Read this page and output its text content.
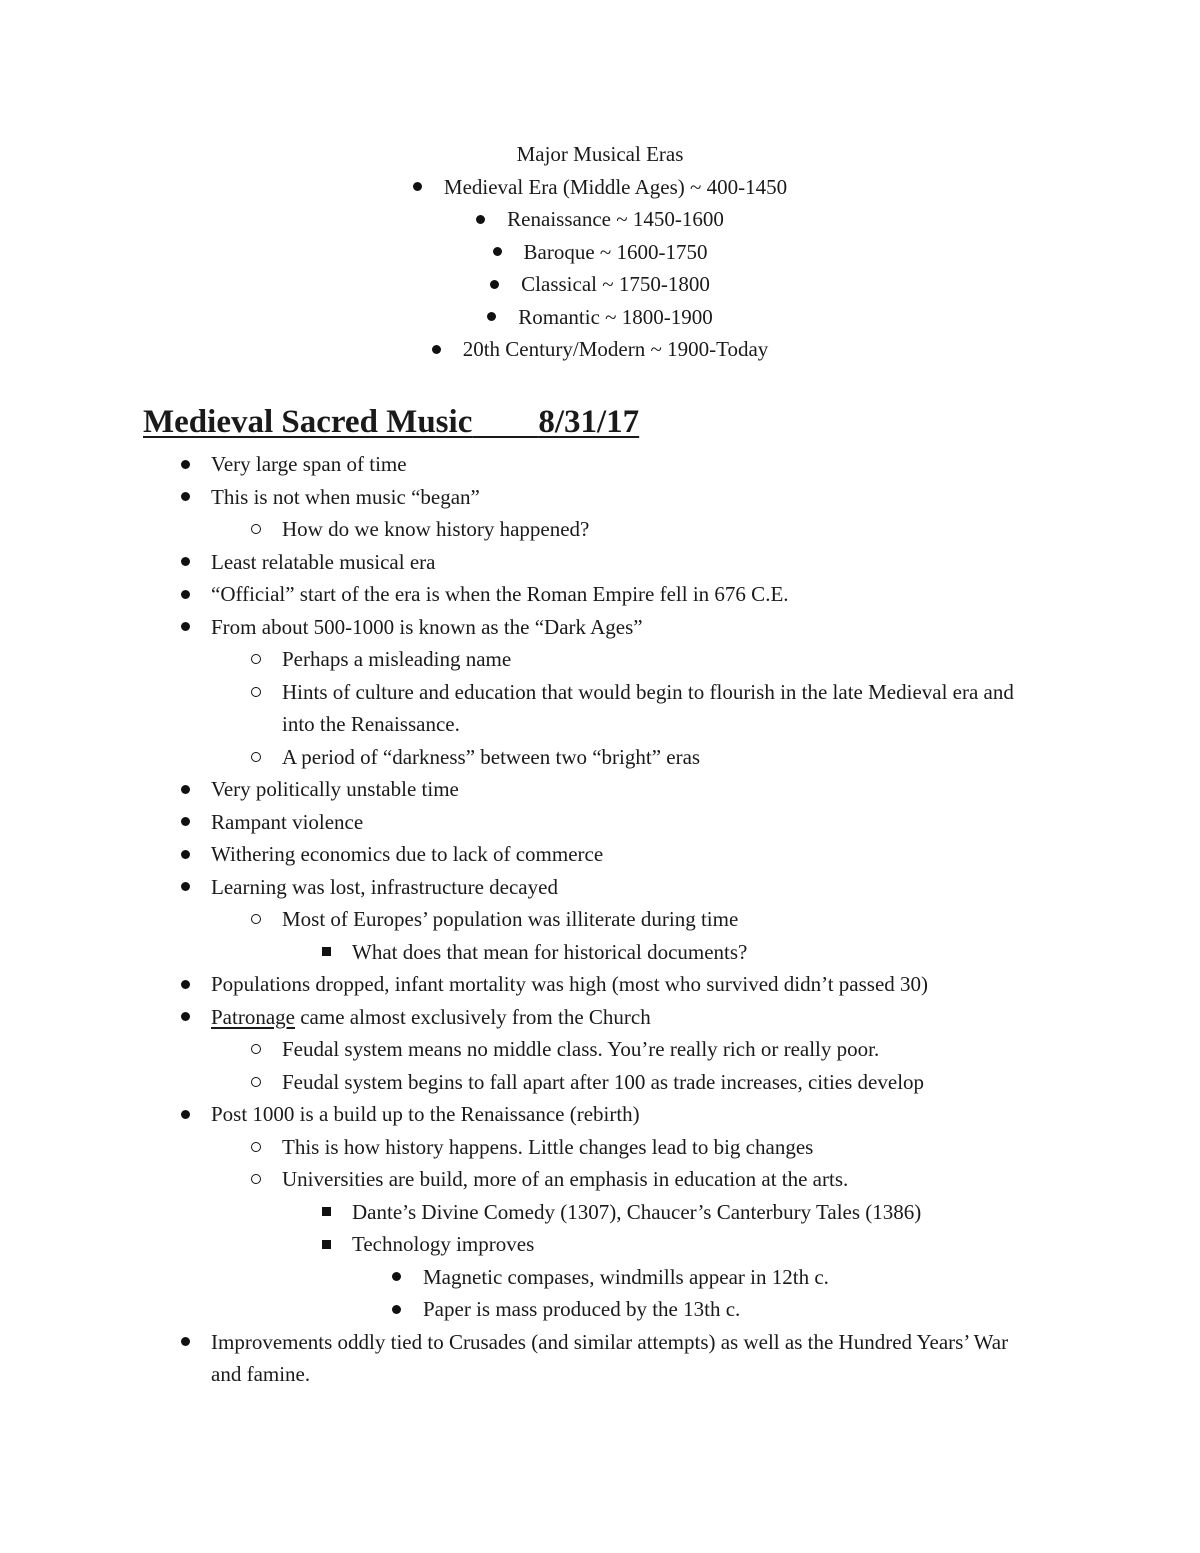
Major Musical Eras
Medieval Era (Middle Ages) ~ 400-1450
Renaissance ~ 1450-1600
Baroque ~ 1600-1750
Classical ~ 1750-1800
Romantic ~ 1800-1900
20th Century/Modern ~ 1900-Today
Medieval Sacred Music 8/31/17
Very large span of time
This is not when music “began”
How do we know history happened?
Least relatable musical era
“Official” start of the era is when the Roman Empire fell in 676 C.E.
From about 500-1000 is known as the “Dark Ages”
Perhaps a misleading name
Hints of culture and education that would begin to flourish in the late Medieval era and into the Renaissance.
A period of “darkness” between two “bright” eras
Very politically unstable time
Rampant violence
Withering economics due to lack of commerce
Learning was lost, infrastructure decayed
Most of Europes’ population was illiterate during time
What does that mean for historical documents?
Populations dropped, infant mortality was high (most who survived didn’t passed 30)
Patronage came almost exclusively from the Church
Feudal system means no middle class. You’re really rich or really poor.
Feudal system begins to fall apart after 100 as trade increases, cities develop
Post 1000 is a build up to the Renaissance (rebirth)
This is how history happens. Little changes lead to big changes
Universities are build, more of an emphasis in education at the arts.
Dante’s Divine Comedy (1307), Chaucer’s Canterbury Tales (1386)
Technology improves
Magnetic compases, windmills appear in 12th c.
Paper is mass produced by the 13th c.
Improvements oddly tied to Crusades (and similar attempts) as well as the Hundred Years’ War and famine.
